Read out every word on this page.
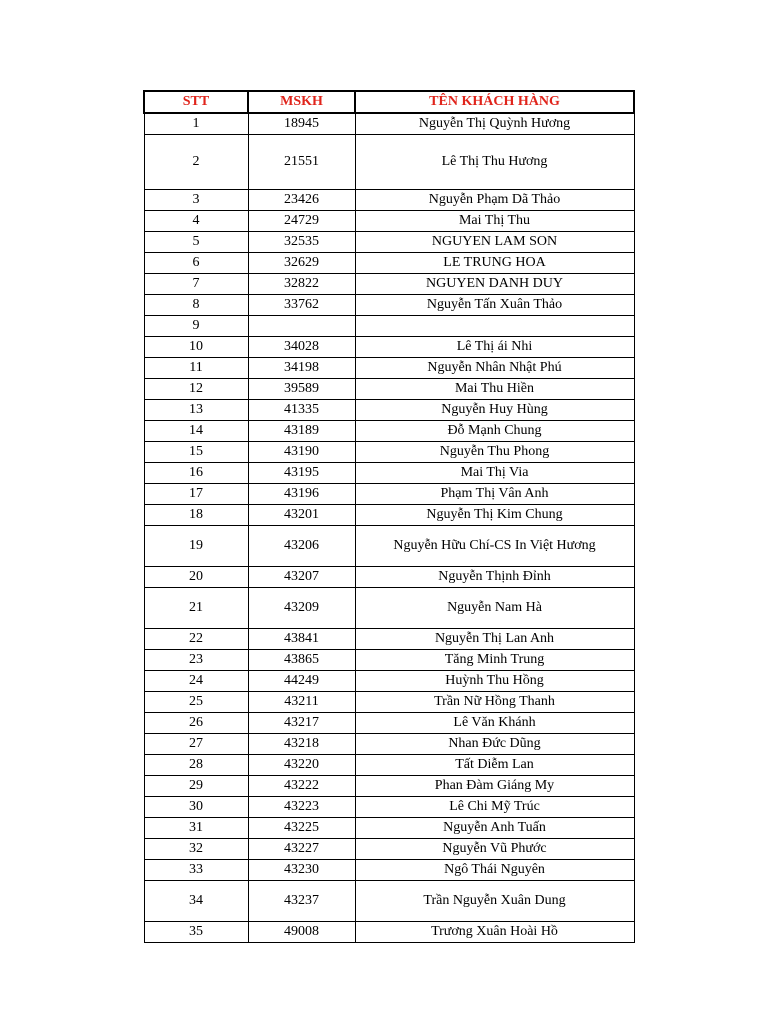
STT	MSKH	TÊN KHÁCH HÀNG
1	18945	Nguyễn Thị Quỳnh Hương
2	21551	Lê Thị Thu Hương
3	23426	Nguyễn Phạm Dã Thảo
4	24729	Mai Thị Thu
5	32535	NGUYEN LAM SON
6	32629	LE TRUNG HOA
7	32822	NGUYEN DANH DUY
8	33762	Nguyễn Tấn Xuân Thảo
9		
10	34028	Lê Thị ái Nhi
11	34198	Nguyễn Nhân Nhật Phú
12	39589	Mai Thu Hiền
13	41335	Nguyễn Huy Hùng
14	43189	Đỗ Mạnh Chung
15	43190	Nguyễn Thu Phong
16	43195	Mai Thị Via
17	43196	Phạm Thị Vân Anh
18	43201	Nguyễn Thị Kim Chung
19	43206	Nguyễn Hữu Chí-CS In Việt Hương
20	43207	Nguyễn Thịnh Đỉnh
21	43209	Nguyễn Nam Hà
22	43841	Nguyễn Thị Lan Anh
23	43865	Tăng Minh Trung
24	44249	Huỳnh Thu Hồng
25	43211	Trần Nữ Hồng Thanh
26	43217	Lê Văn Khánh
27	43218	Nhan Đức Dũng
28	43220	Tất Diễm Lan
29	43222	Phan Đàm Giáng My
30	43223	Lê Chi Mỹ Trúc
31	43225	Nguyễn Anh Tuấn
32	43227	Nguyễn Vũ Phước
33	43230	Ngô Thái Nguyên
34	43237	Trần Nguyễn Xuân Dung
35	49008	Trương Xuân Hoài Hồ
